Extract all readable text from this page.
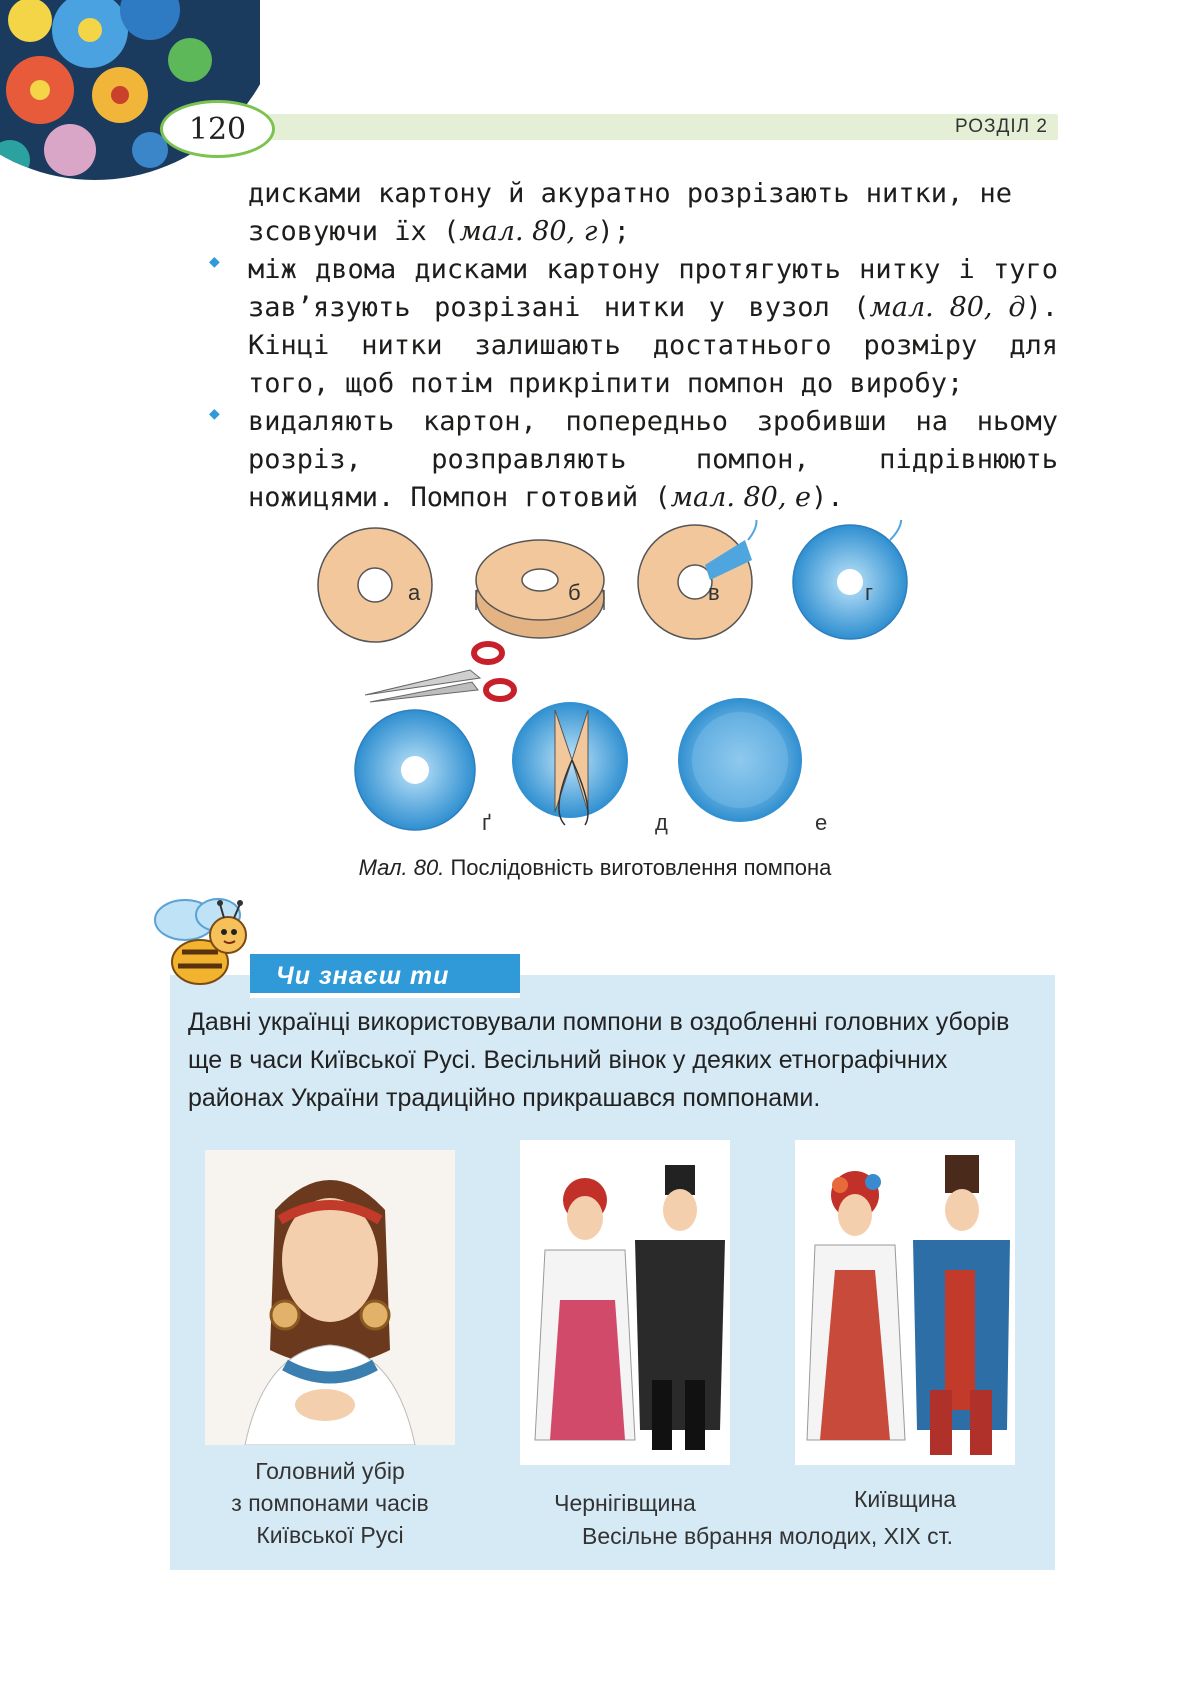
120	РОЗДІЛ 2
дисками картону й акуратно розрізають нитки, не
зсовуючи їх (мал. 80, г);
◆ між двома дисками картону протягують нитку і туго зав’язують розрізані нитки у вузол (мал. 80, д). Кінці нитки залишають достатнього розміру для того, щоб потім прикріпити помпон до виробу;
◆ видаляють картон, попередньо зробивши на ньому розріз, розправляють помпон, підрівнюють ножицями. Помпон готовий (мал. 80, е).
а	б	в	г
ґ	д	е
Мал. 80. Послідовність виготовлення помпона
Чи знаєш ти
Давні українці використовували помпони в оздобленні головних уборів ще в часи Київської Русі. Весільний вінок у деяких етнографічних районах України традиційно прикрашався помпонами.
Головний убір
з помпонами часів
Київської Русі
Чернігівщина	Київщина
Весільне вбрання молодих, XIX ст.
